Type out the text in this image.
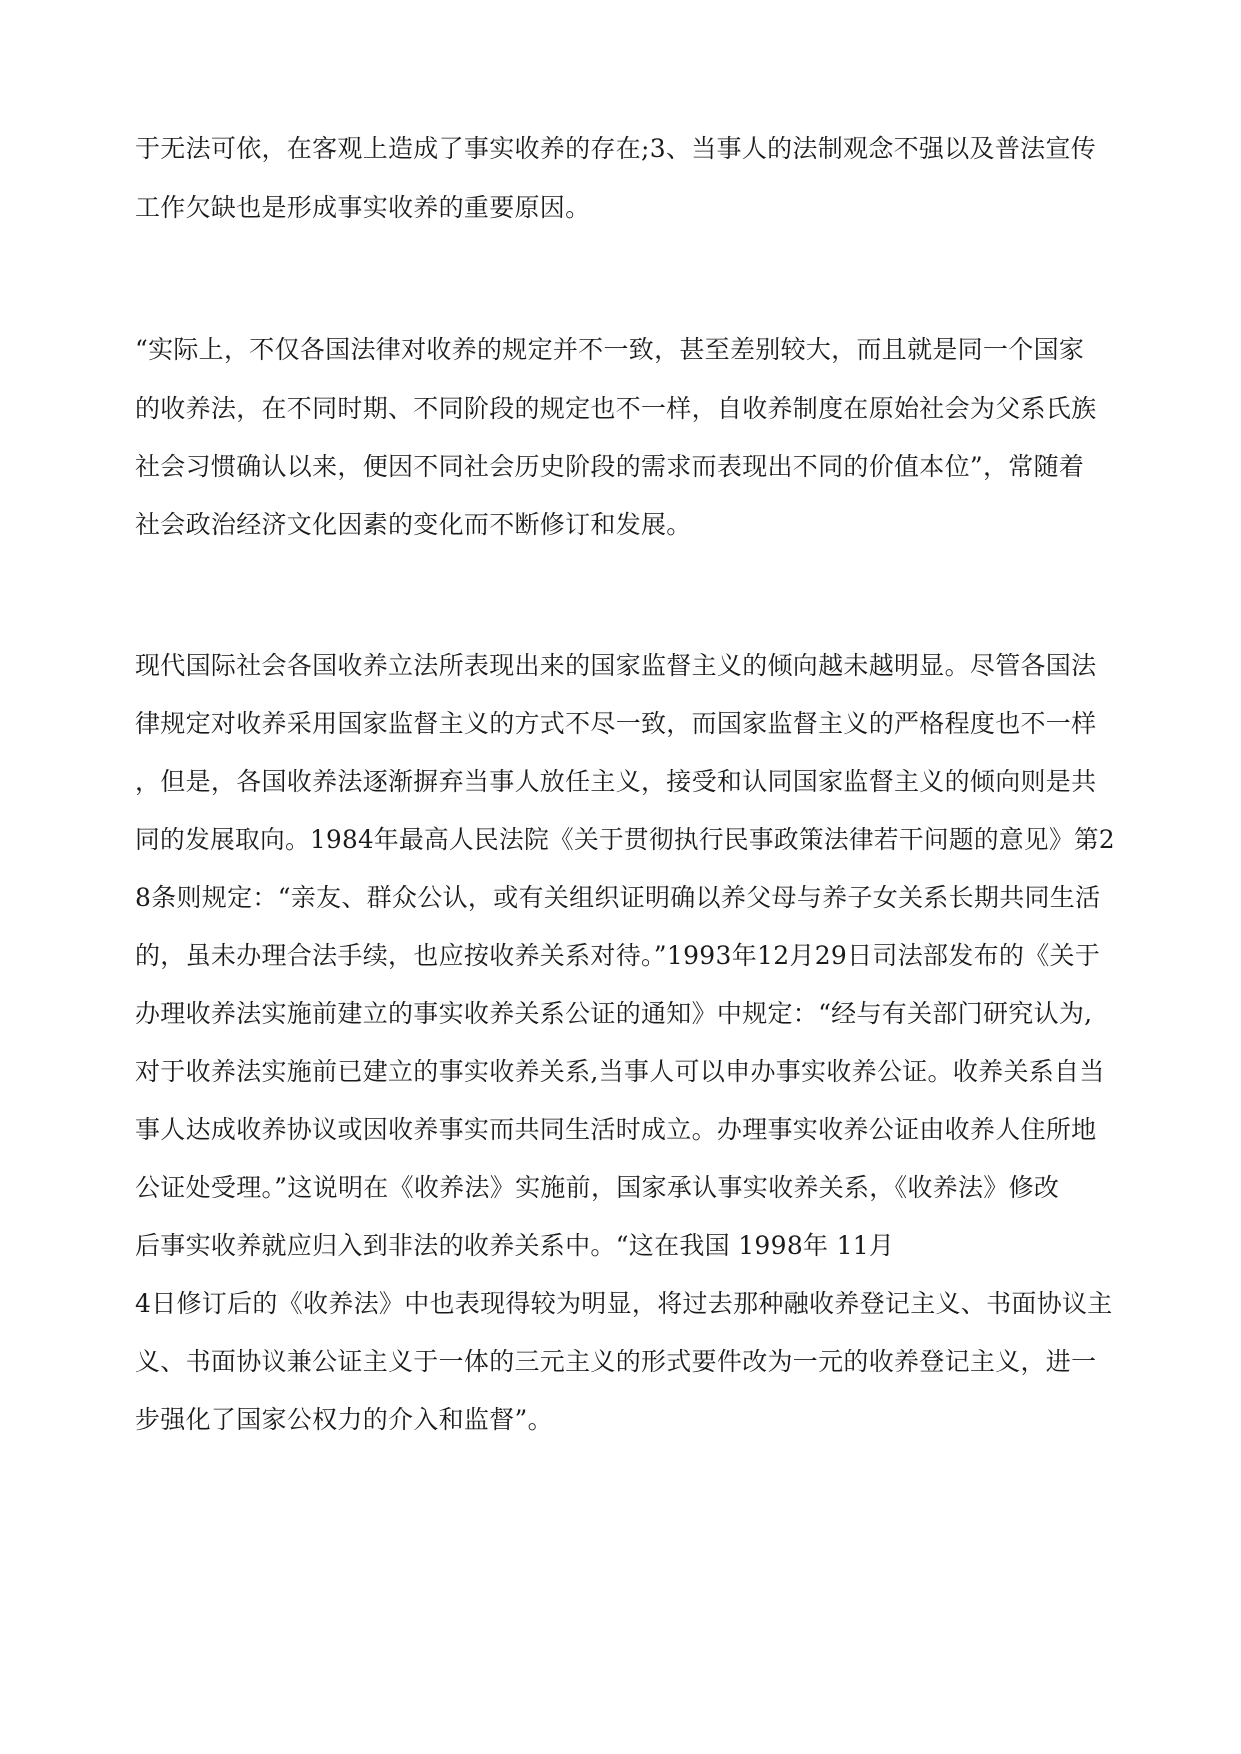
于无法可依，在客观上造成了事实收养的存在;3、当事人的法制观念不强以及普法宣传
工作欠缺也是形成事实收养的重要原因。
“实际上，不仅各国法律对收养的规定并不一致，甚至差别较大，而且就是同一个国家
的收养法，在不同时期、不同阶段的规定也不一样，自收养制度在原始社会为父系氏族
社会习惯确认以来，便因不同社会历史阶段的需求而表现出不同的价值本位”，常随着
社会政治经济文化因素的变化而不断修订和发展。
现代国际社会各国收养立法所表现出来的国家监督主义的倾向越未越明显。尽管各国法
律规定对收养采用国家监督主义的方式不尽一致，而国家监督主义的严格程度也不一样
，但是，各国收养法逐渐摒弃当事人放任主义，接受和认同国家监督主义的倾向则是共
同的发展取向。1984年最高人民法院《关于贯彻执行民事政策法律若干问题的意见》第2
8条则规定：“亲友、群众公认，或有关组织证明确以养父母与养子女关系长期共同生活
的，虽未办理合法手续，也应按收养关系对待。”1993年12月29日司法部发布的《关于
办理收养法实施前建立的事实收养关系公证的通知》中规定：“经与有关部门研究认为,
对于收养法实施前已建立的事实收养关系,当事人可以申办事实收养公证。收养关系自当
事人达成收养协议或因收养事实而共同生活时成立。办理事实收养公证由收养人住所地
公证处受理。”这说明在《收养法》实施前，国家承认事实收养关系，《收养法》修改
后事实收养就应归入到非法的收养关系中。“这在我国 1998年 11月
4日修订后的《收养法》中也表现得较为明显，将过去那种融收养登记主义、书面协议主
义、书面协议兼公证主义于一体的三元主义的形式要件改为一元的收养登记主义，进一
步强化了国家公权力的介入和监督”。
